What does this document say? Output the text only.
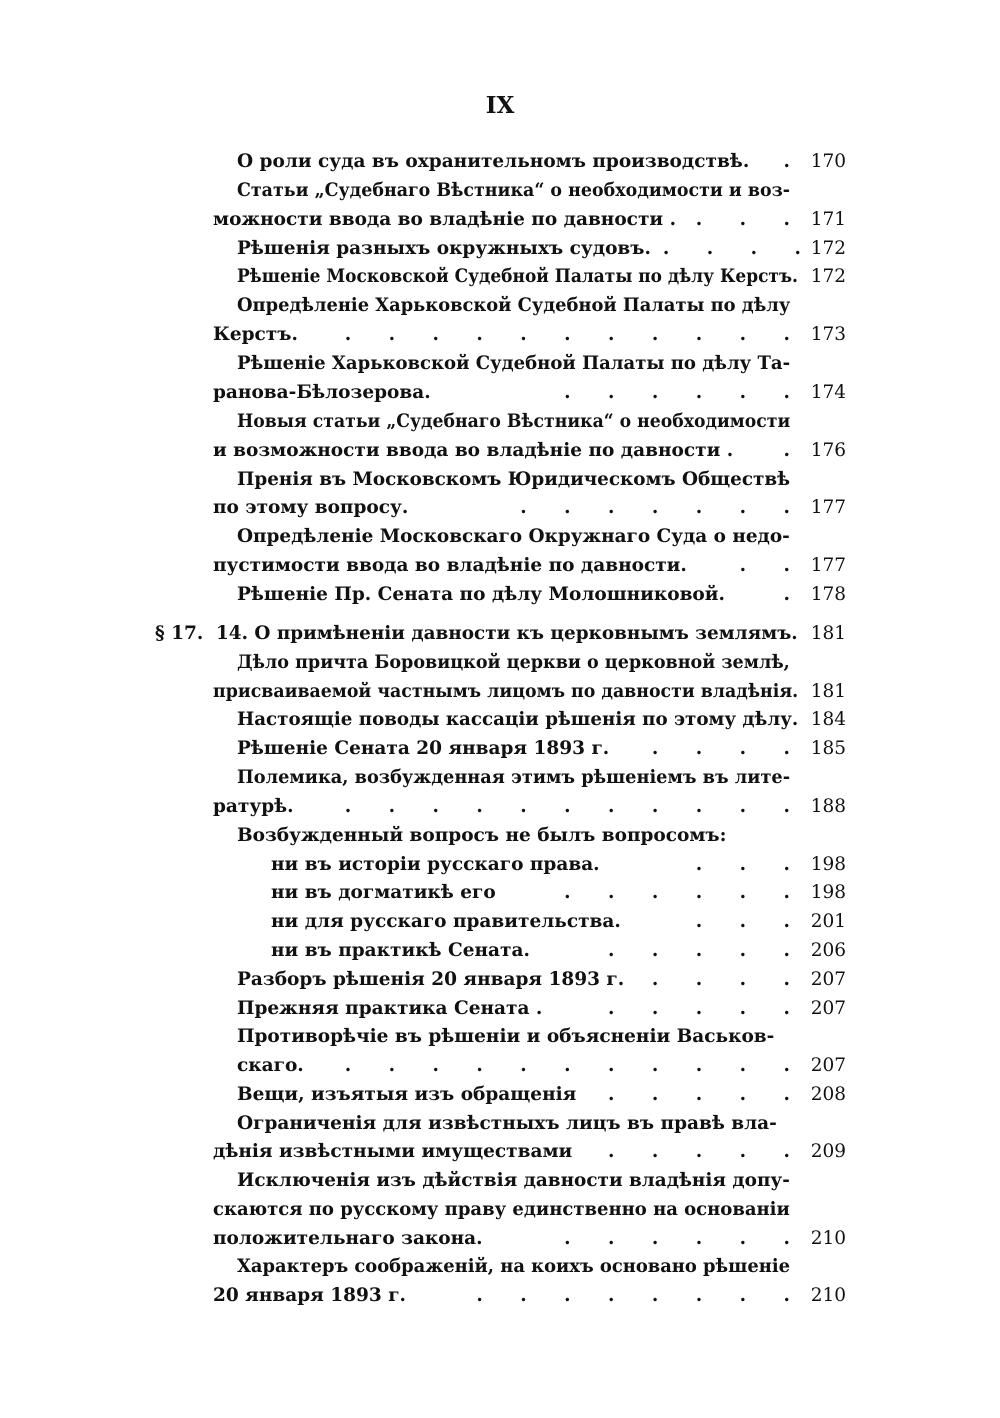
IX
О роли суда въ охранительномъ производствѣ. .	170
Статьи „Судебнаго Вѣстника“ о необходимости и воз-
можности ввода во владѣніе по давности . . . .	171
Рѣшенія разныхъ окружныхъ судовъ. . . . . 172
Рѣшеніе Московской Судебной Палаты по дѣлу Керстъ. 172
Опредѣленіе Харьковской Судебной Палаты по дѣлу
Керстъ.	. . . . . . . . . . .	173
Рѣшеніе Харьковской Судебной Палаты по дѣлу Та-
ранова-Бѣлозерова.	. . . . . .	174
Новыя статьи „Судебнаго Вѣстника“ о необходимости
и возможности ввода во владѣніе по давности .	.	176
Пренія въ Московскомъ Юридическомъ Обществѣ
по этому вопросу.	. . . . . . .	177
Опредѣленіе Московскаго Окружнаго Суда о недо-
пустимости ввода во владѣніе по давности.	. .	177
Рѣшеніе Пр. Сената по дѣлу Молошниковой.	.	178
§ 17. 14. О примѣненіи давности къ церковнымъ землямъ. 181
Дѣло причта Боровицкой церкви о церковной землѣ,
присваиваемой частнымъ лицомъ по давности владѣнія. 181
Настоящіе поводы кассаціи рѣшенія по этому дѣлу. 184
Рѣшеніе Сената 20 января 1893 г. . . . .	185
Полемика, возбужденная этимъ рѣшеніемъ въ лите-
ратурѣ.	. . . . . . . . . . .	188
Возбужденный вопросъ не былъ вопросомъ:
ни въ исторіи русскаго права.	. . .	198
ни въ догматикѣ его	. . . . . .	198
ни для русскаго правительства.	. . .	201
ни въ практикѣ Сената.	. . . . .	206
Разборъ рѣшенія 20 января 1893 г. . . . .	207
Прежняя практика Сената .	. . . . .	207
Противорѣчіе въ рѣшеніи и объясненіи Васьков-
скаго. . . . . . . . . . . .	207
Вещи, изъятыя изъ обращенія . . . . .	208
Ограниченія для извѣстныхъ лицъ въ правѣ вла-
дѣнія извѣстными имуществами . . . . .	209
Исключенія изъ дѣйствія давности владѣнія допу-
скаются по русскому праву единственно на основаніи
положительнаго закона.	. . . . . .	210
Характеръ соображеній, на коихъ основано рѣшеніе
20 января 1893 г.	. . . . . . . .	210
